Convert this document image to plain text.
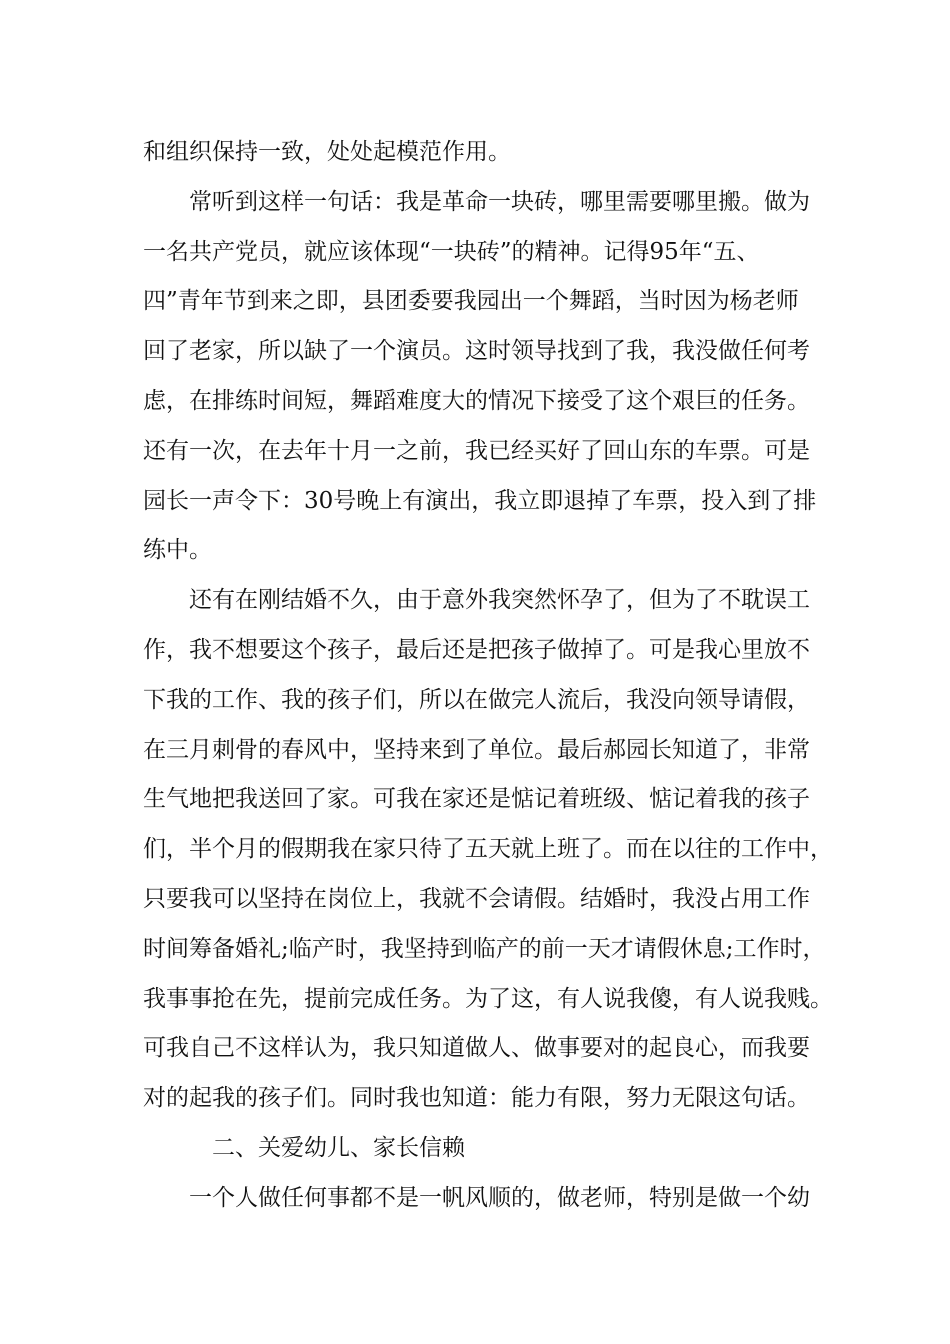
和组织保持一致，处处起模范作用。
常听到这样一句话：我是革命一块砖，哪里需要哪里搬。做为
一名共产党员，就应该体现“一块砖”的精神。记得95年“五、
四”青年节到来之即，县团委要我园出一个舞蹈，当时因为杨老师
回了老家，所以缺了一个演员。这时领导找到了我，我没做任何考
虑，在排练时间短，舞蹈难度大的情况下接受了这个艰巨的任务。
还有一次，在去年十月一之前，我已经买好了回山东的车票。可是
园长一声令下：30号晚上有演出，我立即退掉了车票，投入到了排
练中。
还有在刚结婚不久，由于意外我突然怀孕了，但为了不耽误工
作，我不想要这个孩子，最后还是把孩子做掉了。可是我心里放不
下我的工作、我的孩子们，所以在做完人流后，我没向领导请假，
在三月刺骨的春风中，坚持来到了单位。最后郝园长知道了，非常
生气地把我送回了家。可我在家还是惦记着班级、惦记着我的孩子
们，半个月的假期我在家只待了五天就上班了。而在以往的工作中，
只要我可以坚持在岗位上，我就不会请假。结婚时，我没占用工作
时间筹备婚礼;临产时，我坚持到临产的前一天才请假休息;工作时，
我事事抢在先，提前完成任务。为了这，有人说我傻，有人说我贱。
可我自己不这样认为，我只知道做人、做事要对的起良心，而我要
对的起我的孩子们。同时我也知道：能力有限，努力无限这句话。
二、关爱幼儿、家长信赖
一个人做任何事都不是一帆风顺的，做老师，特别是做一个幼
